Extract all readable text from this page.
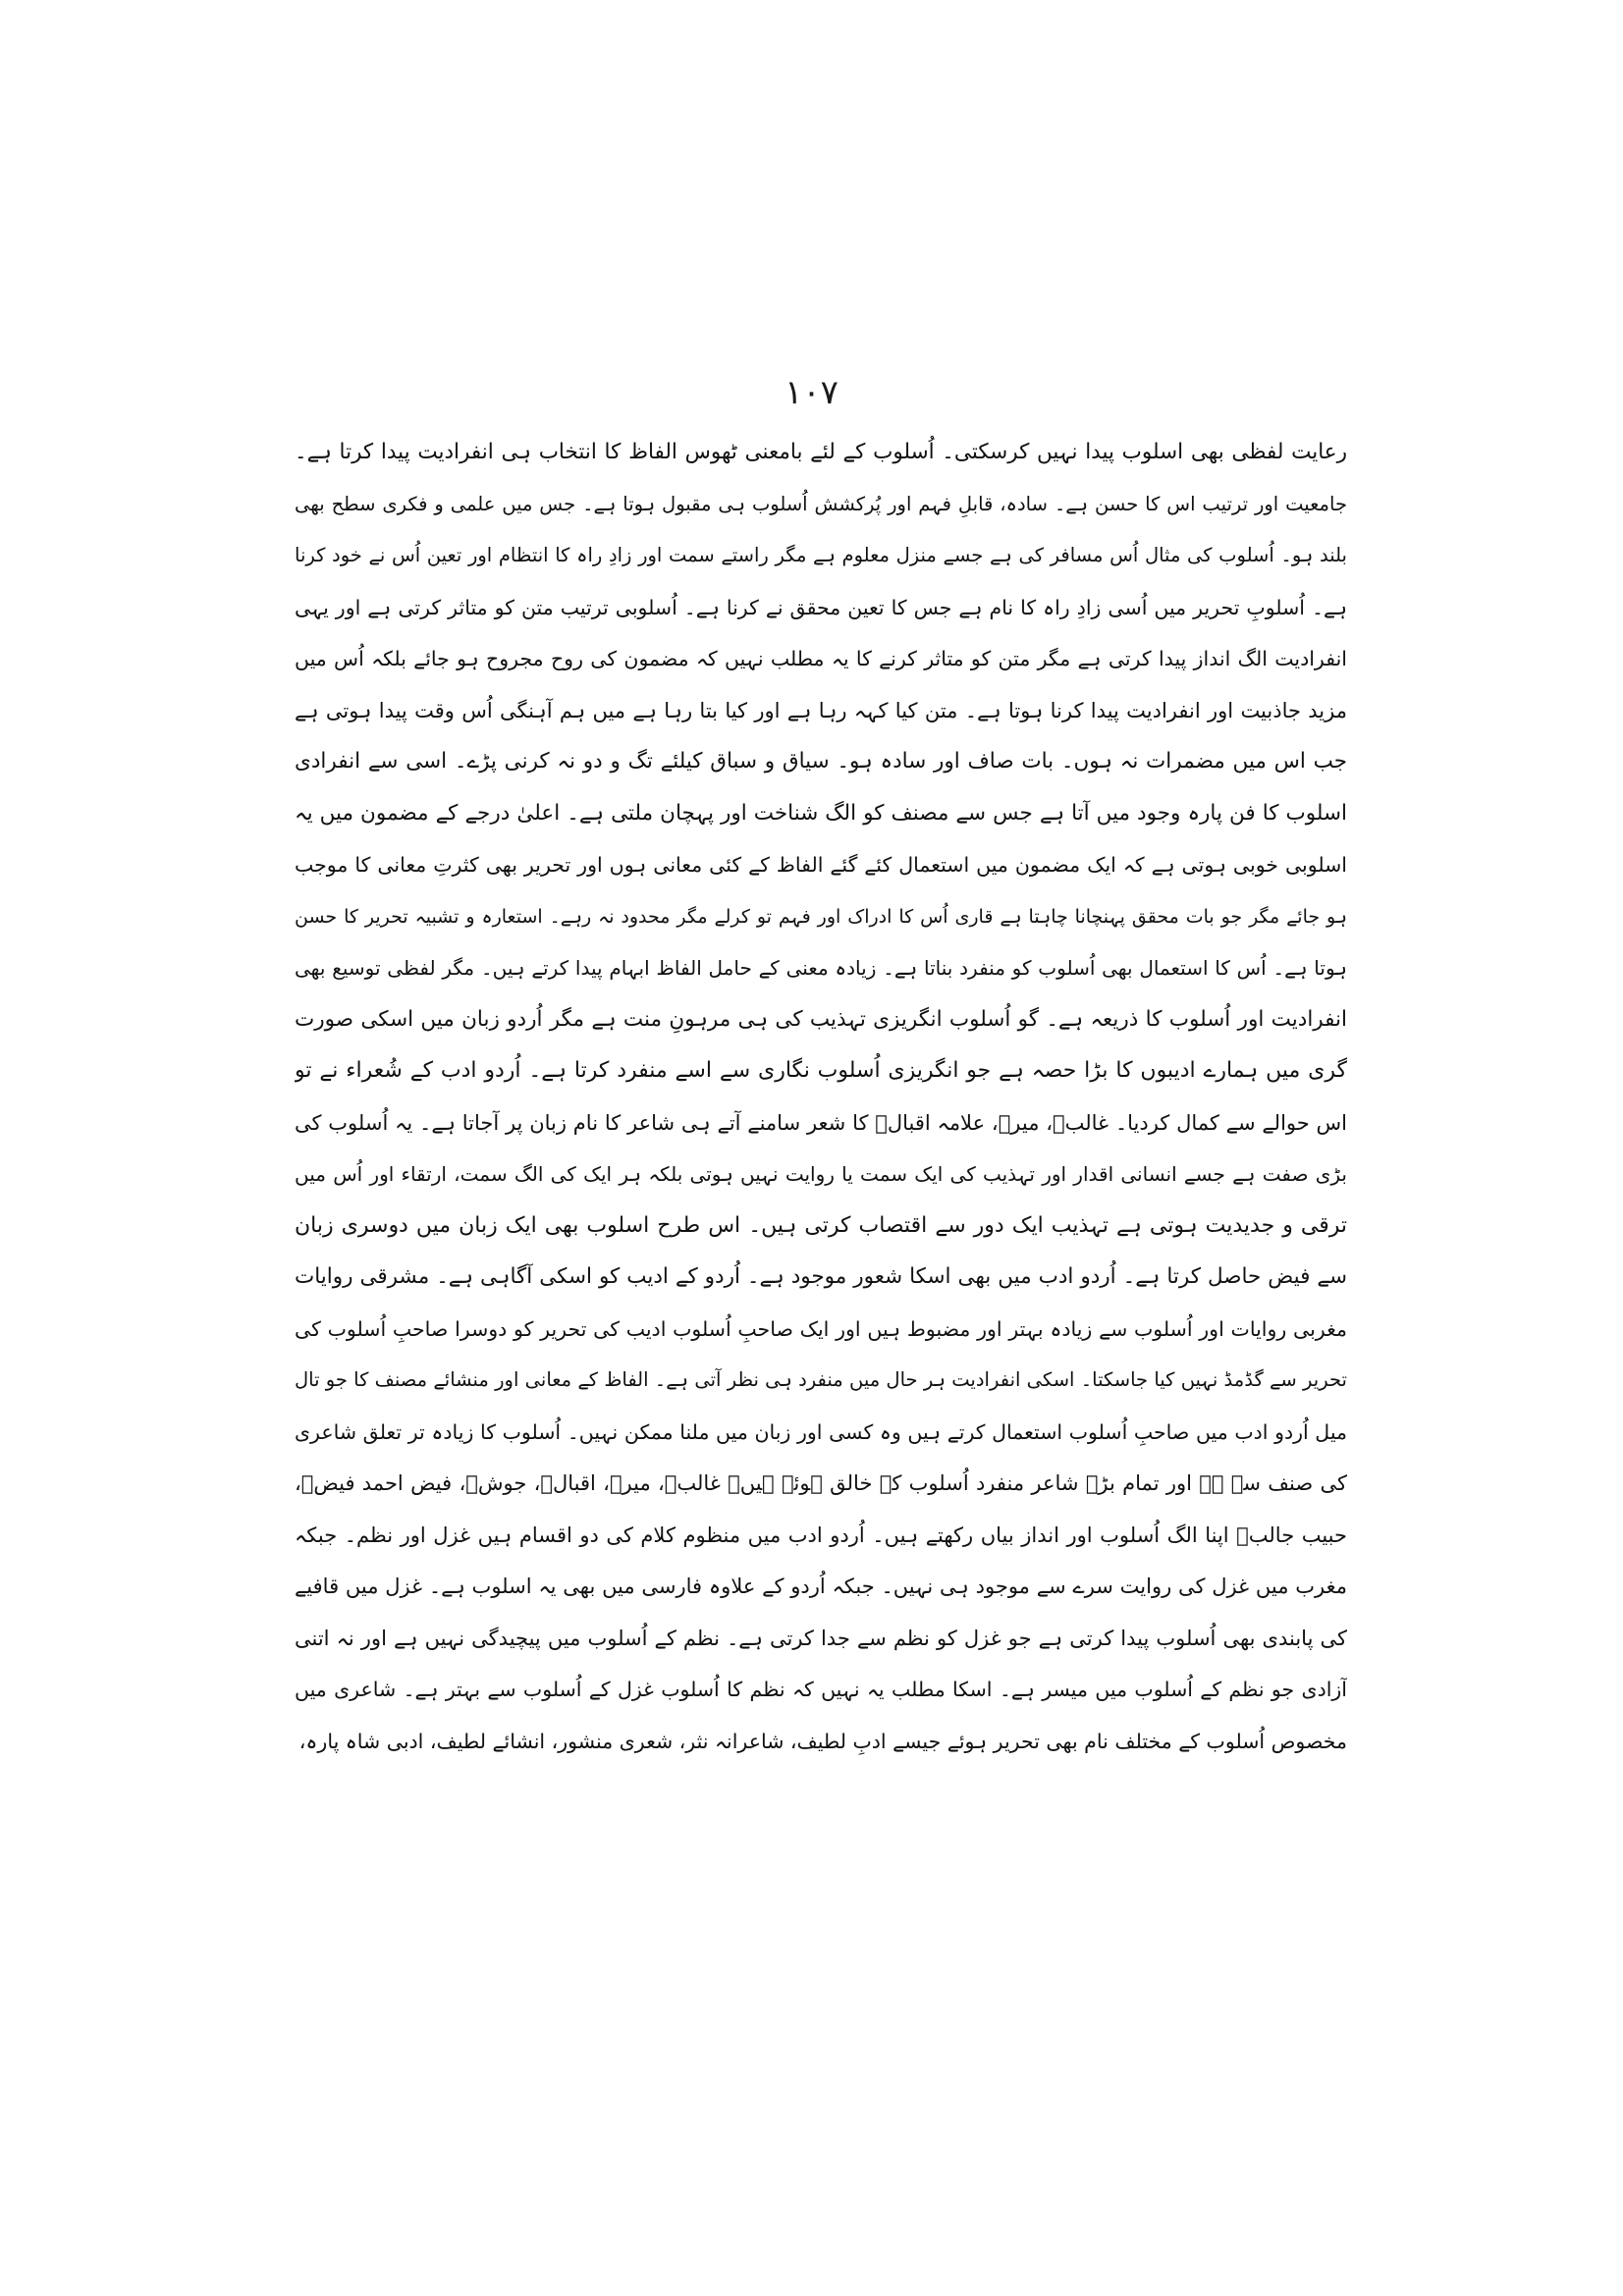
۱۰۷
رعایت لفظی بھی اسلوب پیدا نہیں کرسکتی۔ اُسلوب کے لئے بامعنی ٹھوس الفاظ کا انتخاب ہی انفرادیت پیدا کرتا ہے۔
جامعیت اور ترتیب اس کا حسن ہے۔ سادہ، قابلِ فہم اور پُرکشش اُسلوب ہی مقبول ہوتا ہے۔ جس میں علمی و فکری سطح بھی
بلند ہو۔ اُسلوب کی مثال اُس مسافر کی ہے جسے منزل معلوم ہے مگر راستے سمت اور زادِ راہ کا انتظام اور تعین اُس نے خود کرنا
ہے۔ اُسلوبِ تحریر میں اُسی زادِ راہ کا نام ہے جس کا تعین محقق نے کرنا ہے۔ اُسلوبی ترتیب متن کو متاثر کرتی ہے اور یہی
انفرادیت الگ انداز پیدا کرتی ہے مگر متن کو متاثر کرنے کا یہ مطلب نہیں کہ مضمون کی روح مجروح ہو جائے بلکہ اُس میں
مزید جاذبیت اور انفرادیت پیدا کرنا ہوتا ہے۔ متن کیا کہہ رہا ہے اور کیا بتا رہا ہے میں ہم آہنگی اُس وقت پیدا ہوتی ہے
جب اس میں مضمرات نہ ہوں۔ بات صاف اور سادہ ہو۔ سیاق و سباق کیلئے تگ و دو نہ کرنی پڑے۔ اسی سے انفرادی
اسلوب کا فن پارہ وجود میں آتا ہے جس سے مصنف کو الگ شناخت اور پہچان ملتی ہے۔ اعلیٰ درجے کے مضمون میں یہ
اسلوبی خوبی ہوتی ہے کہ ایک مضمون میں استعمال کئے گئے الفاظ کے کئی معانی ہوں اور تحریر بھی کثرتِ معانی کا موجب
ہو جائے مگر جو بات محقق پہنچانا چاہتا ہے قاری اُس کا ادراک اور فہم تو کرلے مگر محدود نہ رہے۔ استعارہ و تشبیہ تحریر کا حسن
ہوتا ہے۔ اُس کا استعمال بھی اُسلوب کو منفرد بناتا ہے۔ زیادہ معنی کے حامل الفاظ ابہام پیدا کرتے ہیں۔ مگر لفظی توسیع بھی
انفرادیت اور اُسلوب کا ذریعہ ہے۔ گو اُسلوب انگریزی تہذیب کی ہی مرہونِ منت ہے مگر اُردو زبان میں اسکی صورت
گری میں ہمارے ادیبوں کا بڑا حصہ ہے جو انگریزی اُسلوب نگاری سے اسے منفرد کرتا ہے۔ اُردو ادب کے شُعراء نے تو
اس حوالے سے کمال کردیا۔ غالبؔ، میرؔ، علامہ اقبالؔ کا شعر سامنے آتے ہی شاعر کا نام زبان پر آجاتا ہے۔ یہ اُسلوب کی
بڑی صفت ہے جسے انسانی اقدار اور تہذیب کی ایک سمت یا روایت نہیں ہوتی بلکہ ہر ایک کی الگ سمت، ارتقاء اور اُس میں
ترقی و جدیدیت ہوتی ہے تہذیب ایک دور سے اقتصاب کرتی ہیں۔ اس طرح اسلوب بھی ایک زبان میں دوسری زبان
سے فیض حاصل کرتا ہے۔ اُردو ادب میں بھی اسکا شعور موجود ہے۔ اُردو کے ادیب کو اسکی آگاہی ہے۔ مشرقی روایات
مغربی روایات اور اُسلوب سے زیادہ بہتر اور مضبوط ہیں اور ایک صاحبِ اُسلوب ادیب کی تحریر کو دوسرا صاحبِ اُسلوب کی
تحریر سے گڈمڈ نہیں کیا جاسکتا۔ اسکی انفرادیت ہر حال میں منفرد ہی نظر آتی ہے۔ الفاظ کے معانی اور منشائے مصنف کا جو تال
میل اُردو ادب میں صاحبِ اُسلوب استعمال کرتے ہیں وہ کسی اور زبان میں ملنا ممکن نہیں۔ اُسلوب کا زیادہ تر تعلق شاعری
کی صنف سے ہے اور تمام بڑے شاعر منفرد اُسلوب کے خالق ہوئے ہیں۔ غالبؔ، میرؔ، اقبالؔ، جوشؔ، فیض احمد فیضؔ،
حبیب جالبؔ اپنا الگ اُسلوب اور انداز بیاں رکھتے ہیں۔ اُردو ادب میں منظوم کلام کی دو اقسام ہیں غزل اور نظم۔ جبکہ
مغرب میں غزل کی روایت سرے سے موجود ہی نہیں۔ جبکہ اُردو کے علاوہ فارسی میں بھی یہ اسلوب ہے۔ غزل میں قافیے
کی پابندی بھی اُسلوب پیدا کرتی ہے جو غزل کو نظم سے جدا کرتی ہے۔ نظم کے اُسلوب میں پیچیدگی نہیں ہے اور نہ اتنی
آزادی جو نظم کے اُسلوب میں میسر ہے۔ اسکا مطلب یہ نہیں کہ نظم کا اُسلوب غزل کے اُسلوب سے بہتر ہے۔ شاعری میں
مخصوص اُسلوب کے مختلف نام بھی تحریر ہوئے جیسے ادبِ لطیف، شاعرانہ نثر، شعری منشور، انشائے لطیف، ادبی شاہ پارہ،
